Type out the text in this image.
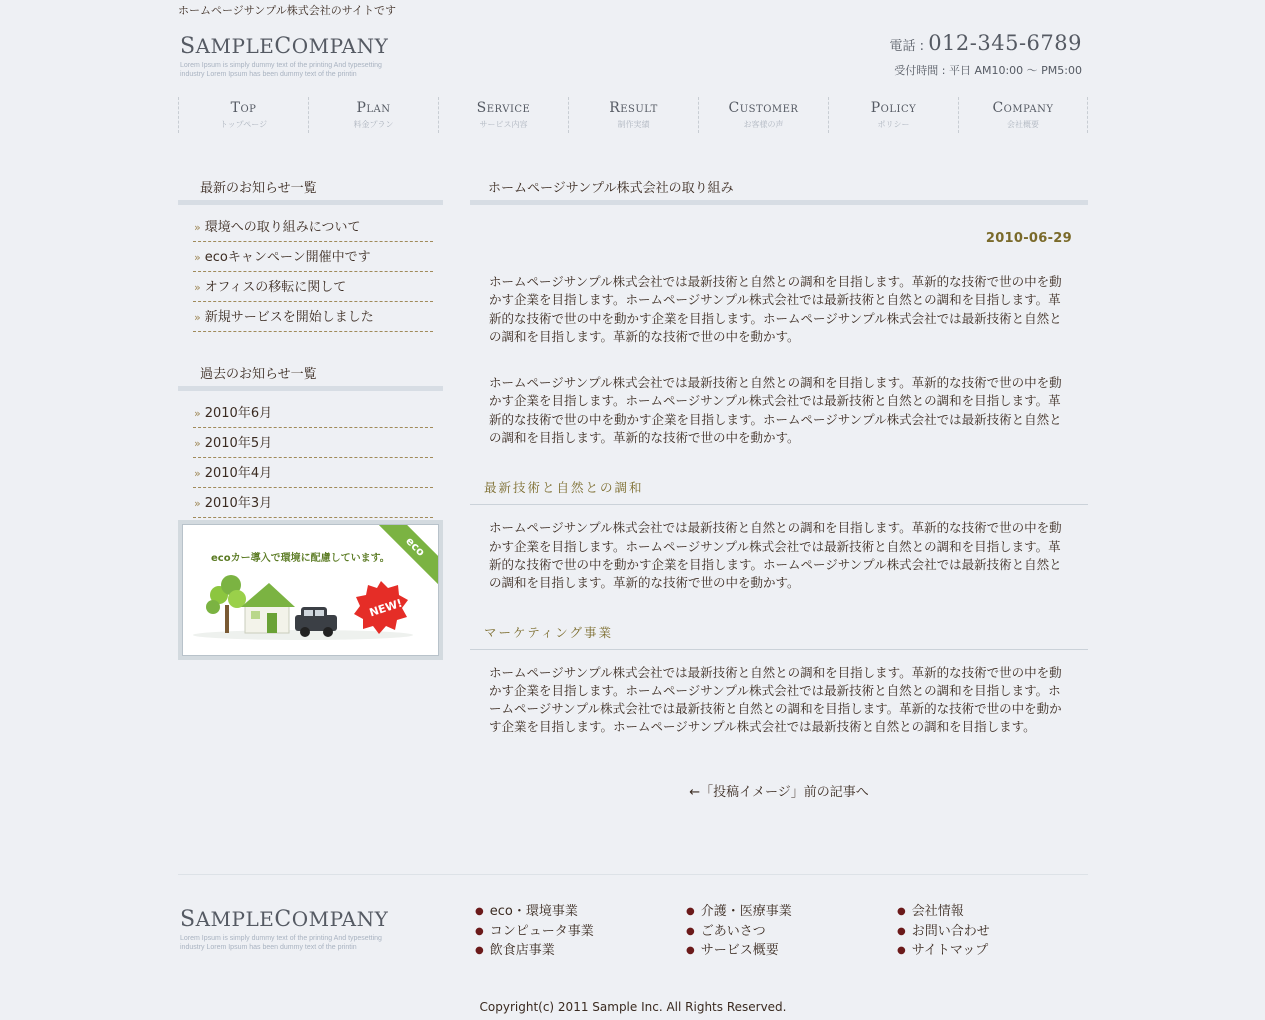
ホームページサンプル株式会社のサイトです
SAMPLECOMPANY
Lorem Ipsum is simply dummy text of the printing And typesetting industry Lorem Ipsum has been dummy text of the printin
電話 : 012-345-6789
受付時間 : 平日 AM10:00 〜 PM5:00
Top
トップページ
Plan
料金プラン
Service
サービス内容
Result
制作実績
Customer
お客様の声
Policy
ポリシー
Company
会社概要
最新のお知らせ一覧
» 環境への取り組みについて
» ecoキャンペーン開催中です
» オフィスの移転に関して
» 新規サービスを開始しました
過去のお知らせ一覧
» 2010年6月
» 2010年5月
» 2010年4月
» 2010年3月
ecoカー導入で環境に配慮しています。	eco
NEW!
ホームページサンプル株式会社の取り組み
2010-06-29
ホームページサンプル株式会社では最新技術と自然との調和を目指します。革新的な技術で世の中を動かす企業を目指します。ホームページサンプル株式会社では最新技術と自然との調和を目指します。革新的な技術で世の中を動かす企業を目指します。ホームページサンプル株式会社では最新技術と自然との調和を目指します。革新的な技術で世の中を動かす。
ホームページサンプル株式会社では最新技術と自然との調和を目指します。革新的な技術で世の中を動かす企業を目指します。ホームページサンプル株式会社では最新技術と自然との調和を目指します。革新的な技術で世の中を動かす企業を目指します。ホームページサンプル株式会社では最新技術と自然との調和を目指します。革新的な技術で世の中を動かす。
最新技術と自然との調和
ホームページサンプル株式会社では最新技術と自然との調和を目指します。革新的な技術で世の中を動かす企業を目指します。ホームページサンプル株式会社では最新技術と自然との調和を目指します。革新的な技術で世の中を動かす企業を目指します。ホームページサンプル株式会社では最新技術と自然との調和を目指します。革新的な技術で世の中を動かす。
マーケティング事業
ホームページサンプル株式会社では最新技術と自然との調和を目指します。革新的な技術で世の中を動かす企業を目指します。ホームページサンプル株式会社では最新技術と自然との調和を目指します。ホームページサンプル株式会社では最新技術と自然との調和を目指します。革新的な技術で世の中を動かす企業を目指します。ホームページサンプル株式会社では最新技術と自然との調和を目指します。
←「投稿イメージ」前の記事へ
SAMPLECOMPANY
Lorem Ipsum is simply dummy text of the printing And typesetting industry Lorem Ipsum has been dummy text of the printin
● eco・環境事業
● コンピュータ事業
● 飲食店事業
● 介護・医療事業
● ごあいさつ
● サービス概要
● 会社情報
● お問い合わせ
● サイトマップ
Copyright(c) 2011 Sample Inc. All Rights Reserved.
